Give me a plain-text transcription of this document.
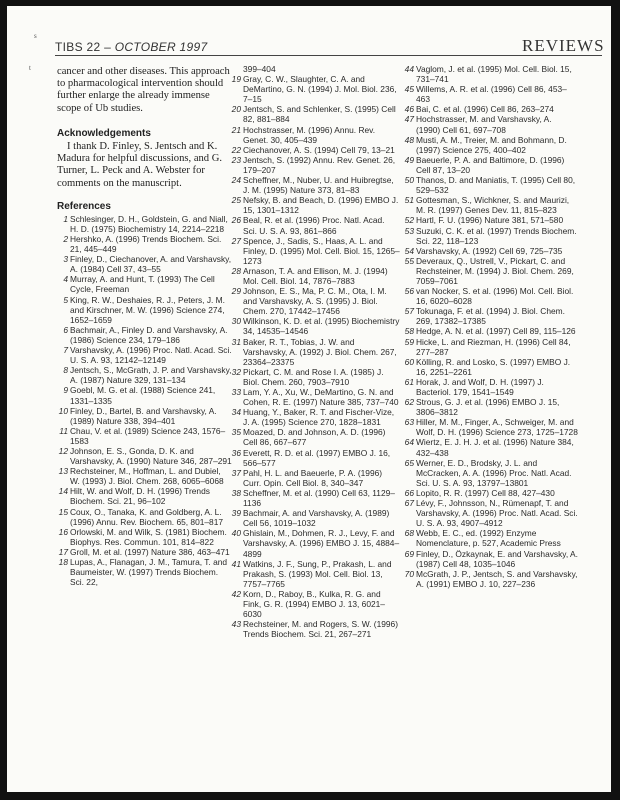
s
t
TIBS 22 – OCTOBER 1997	REVIEWS

cancer and other diseases. This approach to pharmacological intervention should further enlarge the already immense scope of Ub studies.

Acknowledgements

I thank D. Finley, S. Jentsch and K. Madura for helpful discussions, and G. Turner, L. Peck and A. Webster for comments on the manuscript.

References
1 Schlesinger, D. H., Goldstein, G. and Niall, H. D. (1975) Biochemistry 14, 2214–2218
2 Hershko, A. (1996) Trends Biochem. Sci. 21, 445–449
3 Finley, D., Ciechanover, A. and Varshavsky, A. (1984) Cell 37, 43–55
4 Murray, A. and Hunt, T. (1993) The Cell Cycle, Freeman
5 King, R. W., Deshaies, R. J., Peters, J. M. and Kirschner, M. W. (1996) Science 274, 1652–1659
6 Bachmair, A., Finley D. and Varshavsky, A. (1986) Science 234, 179–186
7 Varshavsky, A. (1996) Proc. Natl. Acad. Sci. U. S. A. 93, 12142–12149
8 Jentsch, S., McGrath, J. P. and Varshavsky, A. (1987) Nature 329, 131–134
9 Goebl, M. G. et al. (1988) Science 241, 1331–1335
10 Finley, D., Bartel, B. and Varshavsky, A. (1989) Nature 338, 394–401
11 Chau, V. et al. (1989) Science 243, 1576–1583
12 Johnson, E. S., Gonda, D. K. and Varshavsky, A. (1990) Nature 346, 287–291
13 Rechsteiner, M., Hoffman, L. and Dubiel, W. (1993) J. Biol. Chem. 268, 6065–6068
14 Hilt, W. and Wolf, D. H. (1996) Trends Biochem. Sci. 21, 96–102
15 Coux, O., Tanaka, K. and Goldberg, A. L. (1996) Annu. Rev. Biochem. 65, 801–817
16 Orlowski, M. and Wilk, S. (1981) Biochem. Biophys. Res. Commun. 101, 814–822
17 Groll, M. et al. (1997) Nature 386, 463–471
18 Lupas, A., Flanagan, J. M., Tamura, T. and Baumeister, W. (1997) Trends Biochem. Sci. 22,
399–404
19 Gray, C. W., Slaughter, C. A. and DeMartino, G. N. (1994) J. Mol. Biol. 236, 7–15
20 Jentsch, S. and Schlenker, S. (1995) Cell 82, 881–884
21 Hochstrasser, M. (1996) Annu. Rev. Genet. 30, 405–439
22 Ciechanover, A. S. (1994) Cell 79, 13–21
23 Jentsch, S. (1992) Annu. Rev. Genet. 26, 179–207
24 Scheffner, M., Nuber, U. and Huibregtse, J. M. (1995) Nature 373, 81–83
25 Nefsky, B. and Beach, D. (1996) EMBO J. 15, 1301–1312
26 Beal, R. et al. (1996) Proc. Natl. Acad. Sci. U. S. A. 93, 861–866
27 Spence, J., Sadis, S., Haas, A. L. and Finley, D. (1995) Mol. Cell. Biol. 15, 1265–1273
28 Arnason, T. A. and Ellison, M. J. (1994) Mol. Cell. Biol. 14, 7876–7883
29 Johnson, E. S., Ma, P. C. M., Ota, I. M. and Varshavsky, A. S. (1995) J. Biol. Chem. 270, 17442–17456
30 Wilkinson, K. D. et al. (1995) Biochemistry 34, 14535–14546
31 Baker, R. T., Tobias, J. W. and Varshavsky, A. (1992) J. Biol. Chem. 267, 23364–23375
32 Pickart, C. M. and Rose I. A. (1985) J. Biol. Chem. 260, 7903–7910
33 Lam, Y. A., Xu, W., DeMartino, G. N. and Cohen, R. E. (1997) Nature 385, 737–740
34 Huang, Y., Baker, R. T. and Fischer-Vize, J. A. (1995) Science 270, 1828–1831
35 Moazed, D. and Johnson, A. D. (1996) Cell 86, 667–677
36 Everett, R. D. et al. (1997) EMBO J. 16, 566–577
37 Pahl, H. L. and Baeuerle, P. A. (1996) Curr. Opin. Cell Biol. 8, 340–347
38 Scheffner, M. et al. (1990) Cell 63, 1129–1136
39 Bachmair, A. and Varshavsky, A. (1989) Cell 56, 1019–1032
40 Ghislain, M., Dohmen, R. J., Levy, F. and Varshavsky, A. (1996) EMBO J. 15, 4884–4899
41 Watkins, J. F., Sung, P., Prakash, L. and Prakash, S. (1993) Mol. Cell. Biol. 13, 7757–7765
42 Korn, D., Raboy, B., Kulka, R. G. and Fink, G. R. (1994) EMBO J. 13, 6021–6030
43 Rechsteiner, M. and Rogers, S. W. (1996) Trends Biochem. Sci. 21, 267–271
44 Vaglom, J. et al. (1995) Mol. Cell. Biol. 15, 731–741
45 Willems, A. R. et al. (1996) Cell 86, 453–463
46 Bai, C. et al. (1996) Cell 86, 263–274
47 Hochstrasser, M. and Varshavsky, A. (1990) Cell 61, 697–708
48 Musti, A. M., Treier, M. and Bohmann, D. (1997) Science 275, 400–402
49 Baeuerle, P. A. and Baltimore, D. (1996) Cell 87, 13–20
50 Thanos, D. and Maniatis, T. (1995) Cell 80, 529–532
51 Gottesman, S., Wichkner, S. and Maurizi, M. R. (1997) Genes Dev. 11, 815–823
52 Hartl, F. U. (1996) Nature 381, 571–580
53 Suzuki, C. K. et al. (1997) Trends Biochem. Sci. 22, 118–123
54 Varshavsky, A. (1992) Cell 69, 725–735
55 Deveraux, Q., Ustrell, V., Pickart, C. and Rechsteiner, M. (1994) J. Biol. Chem. 269, 7059–7061
56 van Nocker, S. et al. (1996) Mol. Cell. Biol. 16, 6020–6028
57 Tokunaga, F. et al. (1994) J. Biol. Chem. 269, 17382–17385
58 Hedge, A. N. et al. (1997) Cell 89, 115–126
59 Hicke, L. and Riezman, H. (1996) Cell 84, 277–287
60 Kölling, R. and Losko, S. (1997) EMBO J. 16, 2251–2261
61 Horak, J. and Wolf, D. H. (1997) J. Bacteriol. 179, 1541–1549
62 Strous, G. J. et al. (1996) EMBO J. 15, 3806–3812
63 Hiller, M. M., Finger, A., Schweiger, M. and Wolf, D. H. (1996) Science 273, 1725–1728
64 Wiertz, E. J. H. J. et al. (1996) Nature 384, 432–438
65 Werner, E. D., Brodsky, J. L. and McCracken, A. A. (1996) Proc. Natl. Acad. Sci. U. S. A. 93, 13797–13801
66 Lopito, R. R. (1997) Cell 88, 427–430
67 Lévy, F., Johnsson, N., Rümenapf, T. and Varshavsky, A. (1996) Proc. Natl. Acad. Sci. U. S. A. 93, 4907–4912
68 Webb, E. C., ed. (1992) Enzyme Nomenclature, p. 527, Academic Press
69 Finley, D., Özkaynak, E. and Varshavsky, A. (1987) Cell 48, 1035–1046
70 McGrath, J. P., Jentsch, S. and Varshavsky, A. (1991) EMBO J. 10, 227–236
